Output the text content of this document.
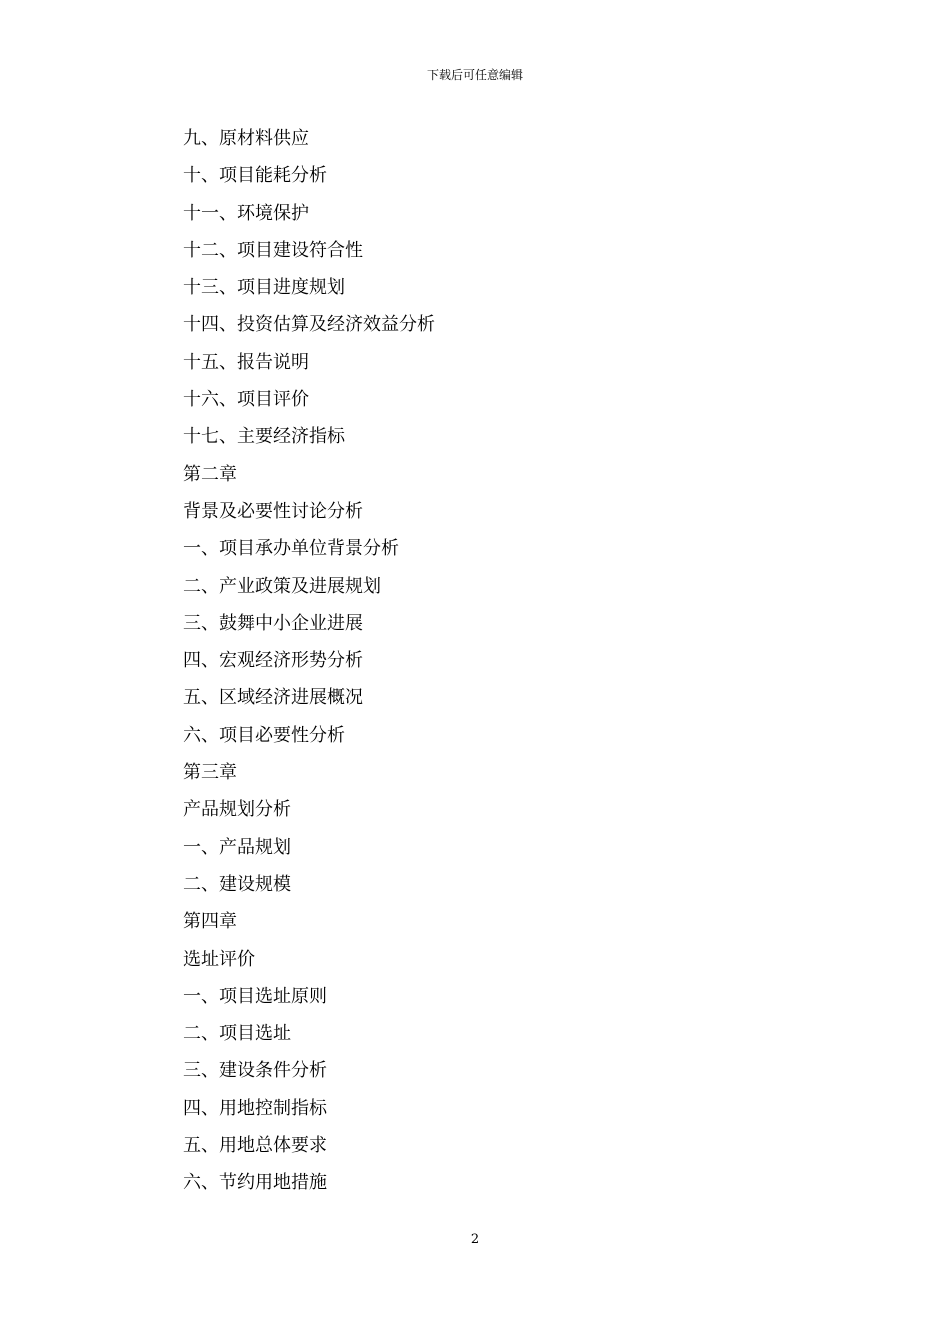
下载后可任意编辑
九、原材料供应
十、项目能耗分析
十一、环境保护
十二、项目建设符合性
十三、项目进度规划
十四、投资估算及经济效益分析
十五、报告说明
十六、项目评价
十七、主要经济指标
第二章
背景及必要性讨论分析
一、项目承办单位背景分析
二、产业政策及进展规划
三、鼓舞中小企业进展
四、宏观经济形势分析
五、区域经济进展概况
六、项目必要性分析
第三章
产品规划分析
一、产品规划
二、建设规模
第四章
选址评价
一、项目选址原则
二、项目选址
三、建设条件分析
四、用地控制指标
五、用地总体要求
六、节约用地措施
2
